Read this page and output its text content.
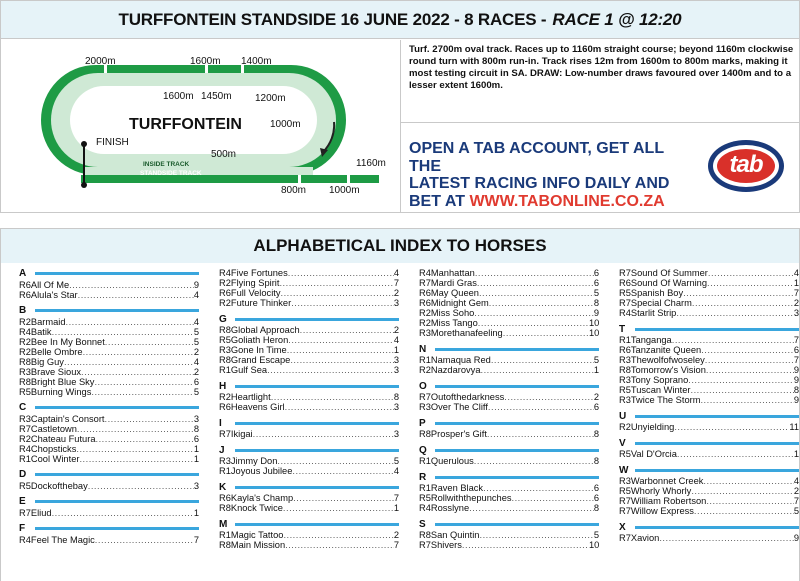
TURFFONTEIN STANDSIDE 16 JUNE 2022 - 8 RACES - RACE 1 @ 12:20
TURFFONTEIN
FINISH
INSIDE TRACK
STANDSIDE TRACK
2000m	1600m 1400m
1600m 1450m 1200m
1000m
500m
1160m
800m 1000m
Turf. 2700m oval track. Races up to 1160m straight course; beyond 1160m clockwise round turn with 800m run-in. Track rises 12m from 1600m to 800m marks, making it most testing circuit in SA. DRAW: Low-number draws favoured over 1400m and to a lesser extent 1600m.
OPEN A TAB ACCOUNT, GET ALL THE
LATEST RACING INFO DAILY AND
BET AT WWW.TABONLINE.CO.ZA
tab
ALPHABETICAL INDEX TO HORSES
A
R6 All Of Me .....	9
R6 Alula's Star .....	4
B
R2 Barmaid .....	4
R4 Batik .....	5
R2 Bee In My Bonnet .....	5
R2 Belle Ombre .....	2
R8 Big Guy .....	4
R3 Brave Sioux .....	2
R8 Bright Blue Sky .....	6
R5 Burning Wings .....	5
C
R3 Captain's Consort .....	3
R7 Castletown .....	8
R2 Chateau Futura .....	6
R4 Chopsticks .....	1
R1 Cool Winter .....	1
D
R5 Dockofthebay .....	3
E
R7 Eliud .....	1
F
R4 Feel The Magic .....	7
R4 Five Fortunes .....	4
R2 Flying Spirit .....	7
R6 Full Velocity .....	2
R2 Future Thinker .....	3
G
R8 Global Approach .....	2
R5 Goliath Heron .....	4
R3 Gone In Time .....	1
R8 Grand Escape .....	3
R1 Gulf Sea .....	3
H
R2 Heartlight .....	8
R6 Heavens Girl .....	3
I
R7 Ikigai .....	3
J
R3 Jimmy Don .....	5
R1 Joyous Jubilee .....	4
K
R6 Kayla's Champ .....	7
R8 Knock Twice .....	1
M
R1 Magic Tattoo .....	2
R8 Main Mission .....	7
R4 Manhattan .....	6
R7 Mardi Gras .....	6
R6 May Queen .....	5
R6 Midnight Gem .....	8
R2 Miss Soho .....	9
R2 Miss Tango .....	10
R3 Morethanafeeling .....	10
N
R1 Namaqua Red .....	5
R2 Nazdarovya .....	1
O
R7 Outofthedarkness .....	2
R3 Over The Cliff .....	6
P
R8 Prosper's Gift .....	8
Q
R1 Querulous .....	8
R
R1 Raven Black .....	6
R5 Rollwiththepunches .....	6
R4 Rosslyne .....	8
S
R8 San Quintin .....	5
R7 Shivers .....	10
R7 Sound Of Summer .....	4
R6 Sound Of Warning .....	1
R5 Spanish Boy .....	7
R7 Special Charm .....	2
R4 Starlit Strip .....	3
T
R1 Tanganga .....	7
R6 Tanzanite Queen .....	6
R3 Thewolfofwoseley .....	7
R8 Tomorrow's Vision .....	9
R3 Tony Soprano .....	9
R5 Tuscan Winter .....	8
R3 Twice The Storm .....	9
U
R2 Unyielding .....	11
V
R5 Val D'Orcia .....	1
W
R3 Warbonnet Creek .....	4
R5 Whorly Whorly .....	2
R7 William Robertson .....	7
R7 Willow Express .....	5
X
R7 Xavion .....	9
